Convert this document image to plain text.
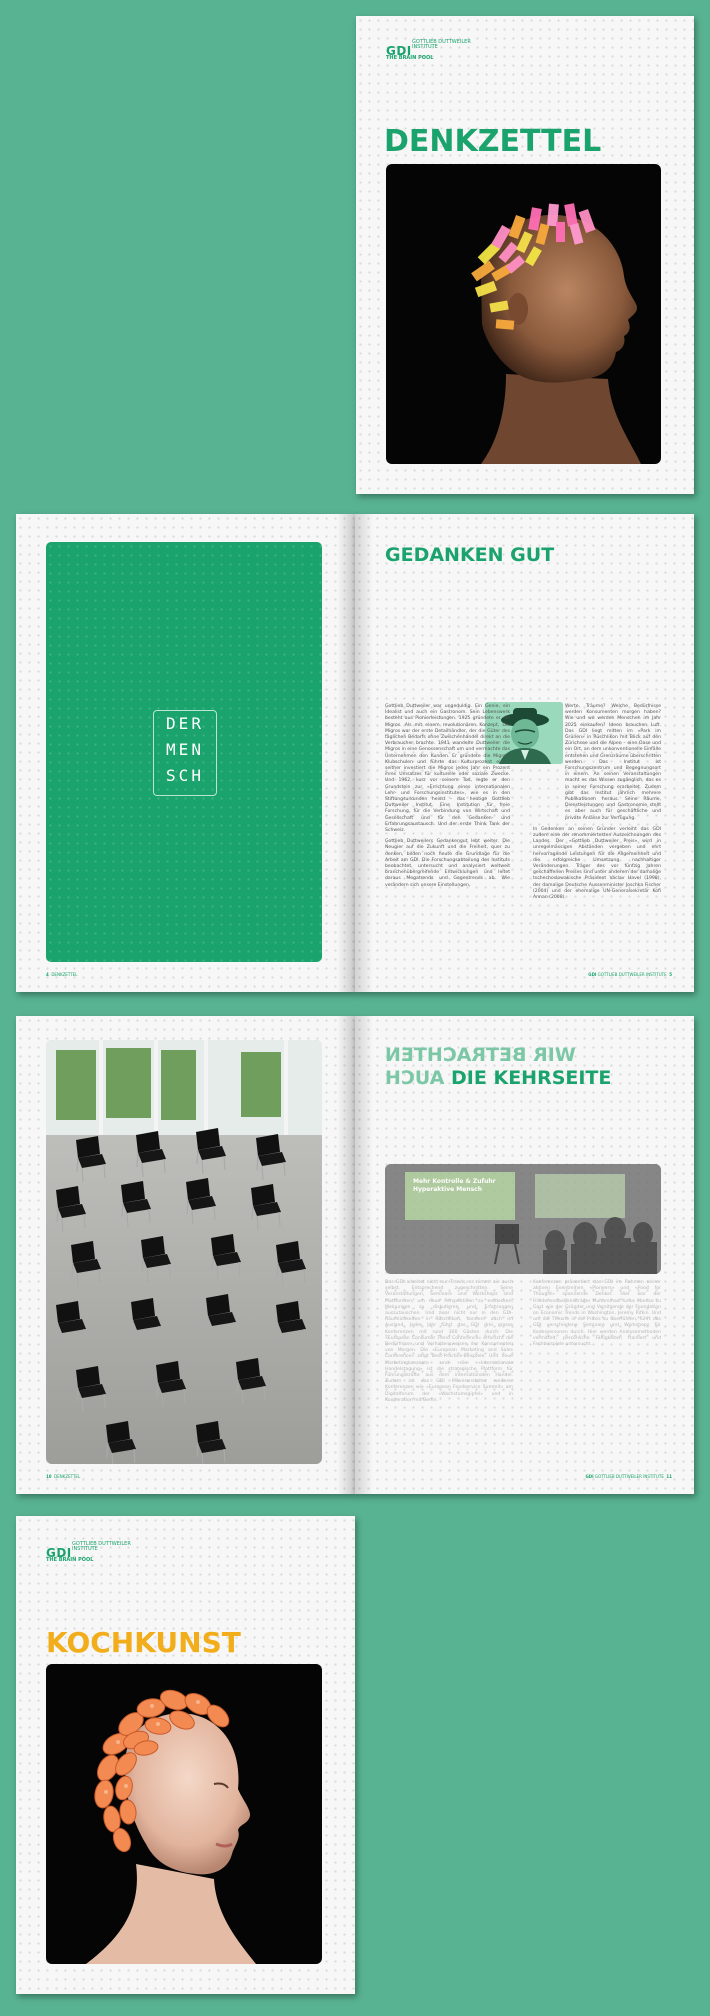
GDI
GOTTLIEB DUTTWEILER INSTITUTE
THE BRAIN POOL
DENKZETTEL
DER
MEN
SCH
4 DENKZETTEL
GEDANKEN GUT
Gottlieb Duttweiler war ungeduldig. Ein Genie, ein Idealist und auch ein Gastronom. Sein Lebenswerk besteht aus Pionierleistungen. 1925 gründete er die Migros. Als mit einem revolutionären Konzept, Die Migros war der erste Detailhändler, der die Güter des täglichen Bedarfs ohne Zwischenhandel direkt an die Verbraucher brachte. 1941 wandelte Duttweiler die Migros in eine Genossenschaft um und vermachte das Unternehmen den Kunden. Er gründete die Migros-Klubschulen und führte das Kulturprozent ein – seither investiert die Migros jedes Jahr ein Prozent ihres Umsatzes für kulturelle oder soziale Zwecke. Und 1962, kurz vor seinem Tod, legte er den Grundstein zur «Errichtung eines internationalen Lehr- und Forschungsinstitutes», wie es in den Stiftungsurkunden heisst – das heutige Gottlieb Duttweiler Institut. Eine Institution für freie Forschung, für die Verbindung von Wirtschaft und Gesellschaft und für den Gedanken- und Erfahrungsaustausch. Und der erste Think Tank der Schweiz.
Gottlieb Duttweilers Gedankengut lebt weiter. Die Neugier auf die Zukunft und die Freiheit, quer zu denken, bilden noch heute die Grundlage für die Arbeit am GDI. Die Forschungsabteilung des Instituts beobachtet, untersucht und analysiert weltweit branchenübergreifende Entwicklungen und leitet daraus Megatrends und Gegentrends ab. Wie verändern sich unsere Einstellungen,
Werte, Träume? Welche Bedürfnisse werden Konsumenten morgen haben? Wie und wo werden Menschen im Jahr 2025 einkaufen? Ideen brauchen Luft. Das GDI liegt mitten im «Park im Grünen» in Rüschlikon mit Blick auf den Zürichsee und die Alpen – eine Oase und ein Ort, an dem unkonventionelle Einfälle entstehen und Grenzräume überschritten werden. Das Institut ist Forschungszentrum und Begegnungsort in einem. An seinen Veranstaltungen macht es das Wissen zugänglich, das es in seiner Forschung erarbeitet. Zudem gibt das Institut jährlich mehrere Publikationen heraus. Seine Räume, Dienstleistungen und Gastronomie stellt es aber auch für geschäftliche und private Anlässe zur Verfügung.
In Gedenken an seinen Gründer verleiht das GDI zudem eine der renommiertesten Auszeichnungen des Landes. Der «Gottlieb Duttweiler Preis» wird in unregelmässigen Abständen vergeben und ehrt hervorragende Leistungen für die Allgemeinheit und die erfolgreiche Umsetzung nachhaltiger Veränderungen. Träger des vor fünfzig Jahren geschaffenen Preises sind unter anderem der damalige tschechoslowakische Präsident Václav Havel (1998), der damalige Deutsche Aussenminister Joschka Fischer (2004) und der ehemalige UN-Generalsekretär Kofi Annan (2008).
GDI GOTTLIEB DUTTWEILER INSTITUTE 5
10 DENKZETTEL
WIR BETRACHTEN
AUCH DIE KEHRSEITE
Mehr Kontrolle & Zufuhr
Hyperaktive Mensch
Das GDI arbeitet nicht nur Trends, es nimmt sie auch selbst. Entsprechend zugeschnitten. Seine Veranstaltungen, Seminare und Workshops sind Plattformen, um neue Perspektiven zu entdecken, Meinungen zu diskutieren und Erfahrungen auszutauschen. Und zwar nicht nur in den GDI-Räumlichkeiten in Rüschlikon, sondern auch im Ausland. Jedes Jahr führt das GDI drei grosse Konferenzen mit rund 300 Gästen durch: Die «European Consumer Trend Conference» erforscht die Bedürfnisse und Verhaltensweisen der Konsumenten von Morgen. Die «European Marketing and Sales Conference» zeigt Best-Practice-Beispiele. Und neue Marketingkonzepte und die «Internationale Handelstagung» ist die strategische Plattform für Führungskräfte aus dem internationalen Handel. Zudem ist das GDI Mitveranstalter weiterer Konferenzen wie «European Foodservice Summit» am Digitalforum der «Wachstumsgipfel» und in Kooperation mit Berlin.
Konferenzen präsentiert das GDI im Rahmen seiner aktiven Eventreihen «Pioneers» und «Food for Thought» spannende Denker. Hier war der Friedensnobelpreisträger Muhammad Yunus ebenso zu Gast wie der Gründer und Vorsitzende der Foundation on Economic Trends in Washington, Jeremy Rifkin. Und um die Theorie in die Praxis zu überführen, führt das GDI verschiedene Seminare und Workshops für Kaderpersonen durch. Hier werden Analysemethoden vermittelt, persönliche Fähigkeiten trainiert und Fachbeispiele untersucht.
GDI GOTTLIEB DUTTWEILER INSTITUTE 11
GDI
GOTTLIEB DUTTWEILER INSTITUTE
THE BRAIN POOL
KOCHKUNST
